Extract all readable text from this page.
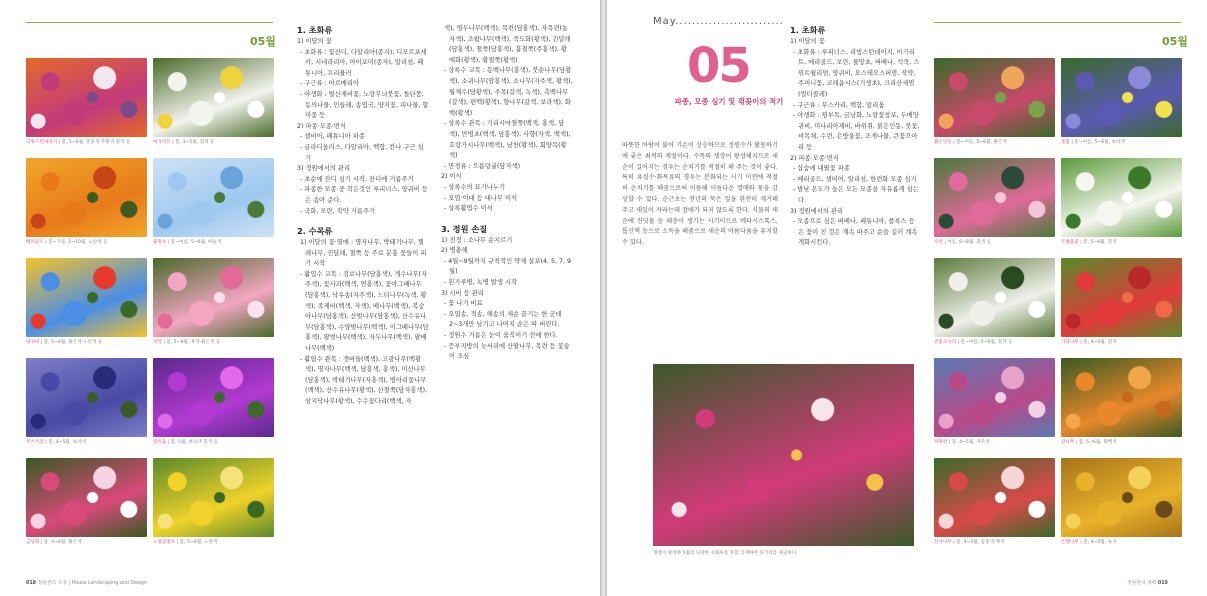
05월
리빙스턴데이지 | 봄, 5~6월, 분홍색·주황색·흰색 등	마가리트 | 봄, 3~5월, 흰색 등
메리골드 | 봄~가을, 5~10월, 노란색 등	물망초 | 봄~여름, 5~6월, 하늘색
양귀비 | 봄, 5~6월, 붉은색·노란색 등	작약 | 봄, 5~6월, 흑색·붉은색 등
무스카리 | 봄, 4~5월, 보라색	알리움 | 봄, 5월, 보라색·흰색 등
금낭화 | 봄, 4~6월, 붉은색	노랑꽃창포 | 봄, 5~6월, 노란색
1. 초화류
1) 이달의 꽃
- 초화류 : 꽃잔디, 다알리아(종자), 디모르포세카, 시네라리아, 아이포미(종자), 알리섬, 페튜니아, 프리뮬러
- 구근류 : 아르메리아
- 야생화 : 벌산제비꽃, 노랑무늬붓꽃, 돌단풍, 동의나물, 민들레, 송엽국, 양지꽃, 피나물, 할미꽃 등
2) 파종·모종·번식
- 샐비어, 페튜니아 파종
- 글라디올러스, 다알리아, 백합, 칸나 구근 심기
3) 정원에서의 관리
- 초순에 잔디 심기 시작, 잔디에 거름주기
- 파종한 모종 중 작은것인 루피너스, 양귀비 등은 솎아 준다.
- 국화, 모란, 작약 거름주기
2. 수목류
1) 이달의 꽃·열매 : 명자나무, 박태기나무, 찔레나무, 진달래, 철쭉 등 주로 분홍 꽃들이 피기 시작
- 활엽수 교목 : 검보나무(담홍색), 계수나무(자주색), 꽃사과(백색, 연홍색), 꽃아그배나무(담홍색), 낙우송(자주색), 느티나무(녹색, 황색), 족제비(백색, 자색), 배나무(백색), 복숭아나무(담홍색), 산벚나무(담홍색), 산수유나무(담홍색), 수양벚나무(백색), 이그배나무(담홍색), 왕벚나무(백색), 자두나무(백색), 팥배나무(백색)
- 활엽수 관목 : 갯버들(백색), 고광나무(백황색), 명자나무(백색, 담홍색, 홍색), 미선나무(담홍색), 박태기나무(자홍색), 병아리꽃나무(백색), 산수유나무(황색), 산철쭉(담자홍색), 삼지닥나무(황색), 수수꽃다리(백색, 자
색), 영두나무(백색), 목련(담홍색), 자목련(농자색), 조팝나무(백색), 죽도화(황색), 진달래(담홍색), 철쭉(담홍색), 흡철쭉(주홍색), 황매화(황색), 황철쭉(황색)
- 상록수 교목 : 동백나무(홍색), 붓순나무(담황색), 소귀나무(암홍색), 소나무(자주색, 황색), 월계수(담황색), 주목(갈색, 녹색), 측백나무(갈색), 편백(황색), 향나무(갈색, 보라색), 화백(황색)
- 상록수 관목 : 기리시마철쭉(백색, 홍색, 담색), 만병초(백색, 담홍색), 사향(자색, 백색), 호랑가시나무(백색), 남천(황색), 회양목(황색)
- 만경류 : 으름덩굴(담자색)
2) 이식
- 상록수의 묘기나누기
- 오엽·이대 등 대나무 이식
- 상록활엽수 이식
3. 정원 손질
1) 전정 : 소나무 순지르기
2) 병충해
- 4월~9월까지 규칙적인 약제 살포(4, 5, 7, 9월)
- 흰가루병, 녹병 발생 시작
3) 시비 등 관리
- 꽃 나기 비료
- 오엽송, 적송, 해송의 새순 끝기는 한 군데 2~3개만 남기고 나머지 순은 따 버린다.
- 정원수 거름은 눈이 움직이기 전에 한다.
- 증부지방의 늦서리에 산딸나무, 목련 등 꽃송이 조심
018 정원관리 조경 | House Landscaping and Design
May..........................
05
파종, 모종 심기 및 꺾꽂이의 적기
따뜻한 바람이 불어 기온이 상승하므로 정원수가 활동하기에 좋은 최적의 계절이다. 수목의 생장이 왕성해지므로 새순이 길어지는 경우는 순치기를 적절히 해 주는 것이 좋다. 특히 유실수·화목류의 경우는 분화되는 시기 이전에 적절히 순치기를 해줌으로써 이듬해 이듬다운 열매와 꽃을 감상할 수 있다. 순근초는 전년의 묵은 잎을 완전히 제거해 주고 새잎이 자라는데 장애가 되지 않도록 한다. 식물의 새순에 진딧물 등 해충이 생기는 시기이므로 메타시스톡스, 톱신액 등으로 소독을 해줌으로 새순의 아름다움을 유지할 수 있다.
생장이 왕성한 5월의 다양한 초화류를 혼합 식재하여 풍거리를 제공한다.
1. 초화류
1) 이달의 꽃
- 초화류 : 루피너스, 리빙스턴데이지, 마가리트, 메리골드, 모란, 물망초, 버베나, 석죽, 스위트윌리엄, 양귀비, 오스테오스퍼멈, 작약, 주머니꽃, 코레옵시스(기생초), 크리산세멈(멀티콜레)
- 구근류 : 무스카리, 백합, 알리움
- 야생화 : 꿩부목, 금낭화, 노랑꽃창포, 두메양귀비, 미나리아재비, 바위취, 붉은인동, 붓꽃, 비목채, 수련, 은방울꽃, 조개나물, 큰꽃으아리 등
2) 파종·모종·번식
- 삽숨에 내팔꽃 파종
- 메리골드, 샐비어, 알리섬, 한련화 모종 심기
- 밤낮 온도가 높은 모든 모종을 자유롭게 심는다.
3) 정원에서의 관리
- 모종으로 심은 버베나, 페튜니아, 플록스 등은 꽃이 진 것은 계속 따주고 순을 길러 계속 개화시킨다.
05월
붉은인동 | 봄~여름, 5~6월, 붉은색	붓꽃 | 봄~여름, 5~6월, 보라색
수련 | 여름, 6~8월, 흰색 등	은방울꽃 | 봄, 5~6월, 흰색
큰꽃으아리 | 봄~여름, 5~6월, 흰색 등	사과나무 | 봄, 4~5월, 흰색
자목련 | 봄, 4~5월, 자주색	감나무 | 봄, 5~6월, 황백색
산사나무 | 봄, 4~5월, 암홍색·백색	은행나무 | 봄, 4~5월, 녹색
정원관리 계획 019
